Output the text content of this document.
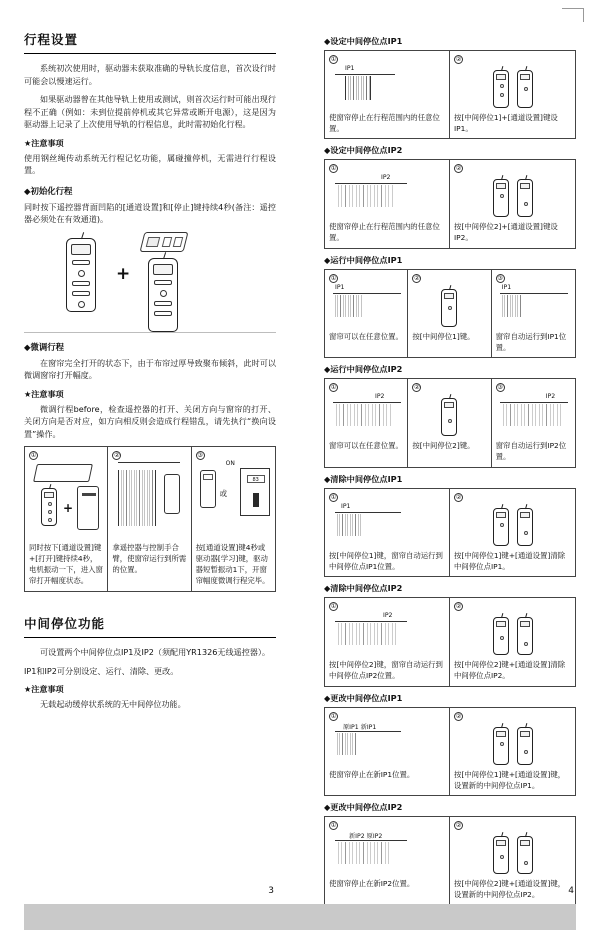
行程设置

系统初次使用时，驱动器未获取准确的导轨长度信息，首次设行时可能会以慢速运行。

如果驱动器曾在其他导轨上使用或测试，则首次运行时可能出现行程不正确（例如：未到位提前停机或其它异常或断开电源），这是因为驱动器上记录了上次使用导轨的行程信息，此时需初始化行程。

★注意事项

使用钢丝绳传动系统无行程记忆功能，属碰撞停机，无需进行行程设置。

◆初始化行程

同时按下遥控器背面凹陷的[通道设置]和[停止]键持续4秒(备注：遥控器必须处在有效通道)。

+
◆微调行程

在窗帘完全打开的状态下，由于布帘过厚导致聚布倾斜，此时可以微调窗帘打开幅度。

★注意事项

微调行程before，检查遥控器的打开、关闭方向与窗帘的打开、关闭方向是否对应，如方向相反则会造成行程错乱，请先执行“换向设置”操作。

①
+
同时按下[通道设置]键+[打开]键持续4秒，电机振动一下，进入窗帘打开幅度状态。
②
拿遥控器与控制手合臂，使窗帘运行到所需的位置。
③
ON
或
83
按[通道设置]键4秒或驱动器[学习]键，驱动器短暂振动1下，开窗帘幅度微调行程完毕。
中间停位功能

可设置两个中间停位点IP1及IP2（须配用YR1326无线遥控器）。

IP1和IP2可分别设定、运行、清除、更改。

★注意事项

无载起动缓停状系统的无中间停位功能。

3
◆设定中间停位点IP1
①
IP1
使窗帘停止在行程范围内的任意位置。
②
按[中间停位1]+[通道设置]键设IP1。
◆设定中间停位点IP2
①
IP2
使窗帘停止在行程范围内的任意位置。
②
按[中间停位2]+[通道设置]键设IP2。
◆运行中间停位点IP1
①
IP1
窗帘可以在任意位置。
②
按[中间停位1]键。
③
IP1
窗帘自动运行到IP1位置。
◆运行中间停位点IP2
①
IP2
窗帘可以在任意位置。
②
按[中间停位2]键。
③
IP2
窗帘自动运行到IP2位置。
◆清除中间停位点IP1
①
IP1
按[中间停位1]键，窗帘自动运行到中间停位点IP1位置。
②
按[中间停位1]键+[通道设置]清除中间停位点IP1。
◆清除中间停位点IP2
①
IP2
按[中间停位2]键，窗帘自动运行到中间停位点IP2位置。
②
按[中间停位2]键+[通道设置]清除中间停位点IP2。
◆更改中间停位点IP1
①
原IP1 新IP1
使窗帘停止在新IP1位置。
②
按[中间停位1]键+[通道设置]键，设置新的中间停位点IP1。
◆更改中间停位点IP2
①
新IP2 原IP2
使窗帘停止在新IP2位置。
②
按[中间停位2]键+[通道设置]键，设置新的中间停位点IP2。	4
